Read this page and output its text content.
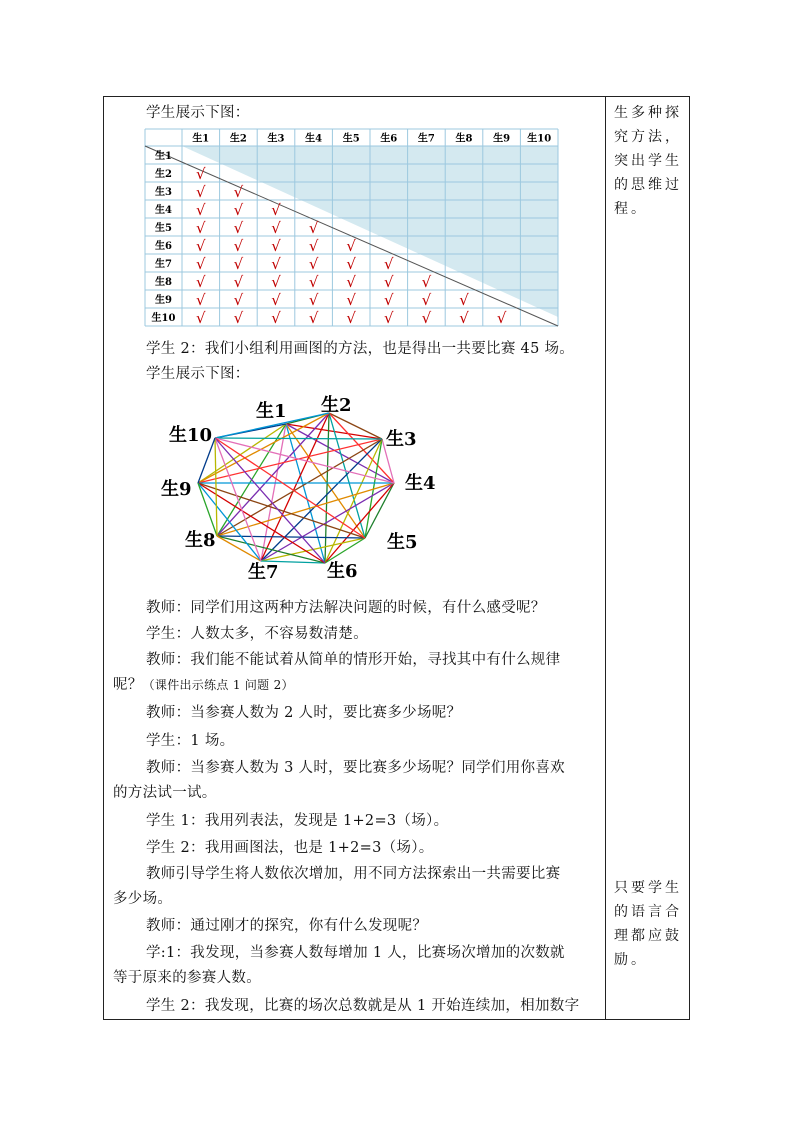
学生展示下图：
生1
生1
生2
生2
生3
生3
生4
生4
生5
生5
生6
生6
生7
生7
生8
生8
生9
生9
生10
生10
√
√ √
√ √ √
√ √ √ √
√ √ √ √ √
√ √ √ √ √ √
√ √ √ √ √ √ √
√ √ √ √ √ √ √ √
√ √ √ √ √ √ √ √ √
学生 2：我们小组利用画图的方法，也是得出一共要比赛 45 场。
学生展示下图：
生1 生2
生3
生4
生5
生6
生7
生8
生9
生10
教师：同学们用这两种方法解决问题的时候，有什么感受呢？
学生：人数太多，不容易数清楚。
教师：我们能不能试着从简单的情形开始，寻找其中有什么规律
呢？（课件出示练点 1 问题 2）
教师：当参赛人数为 2 人时，要比赛多少场呢？
学生：1 场。
教师：当参赛人数为 3 人时，要比赛多少场呢？同学们用你喜欢
的方法试一试。
学生 1：我用列表法，发现是 1+2=3（场）。
学生 2：我用画图法，也是 1+2=3（场）。
教师引导学生将人数依次增加，用不同方法探索出一共需要比赛
多少场。
教师：通过刚才的探究，你有什么发现呢？
学:1：我发现，当参赛人数每增加 1 人，比赛场次增加的次数就
等于原来的参赛人数。
学生 2：我发现，比赛的场次总数就是从 1 开始连续加，相加数字
生多种探究方法，突出学生的思维过程。
只要学生的语言合理都应鼓励。
